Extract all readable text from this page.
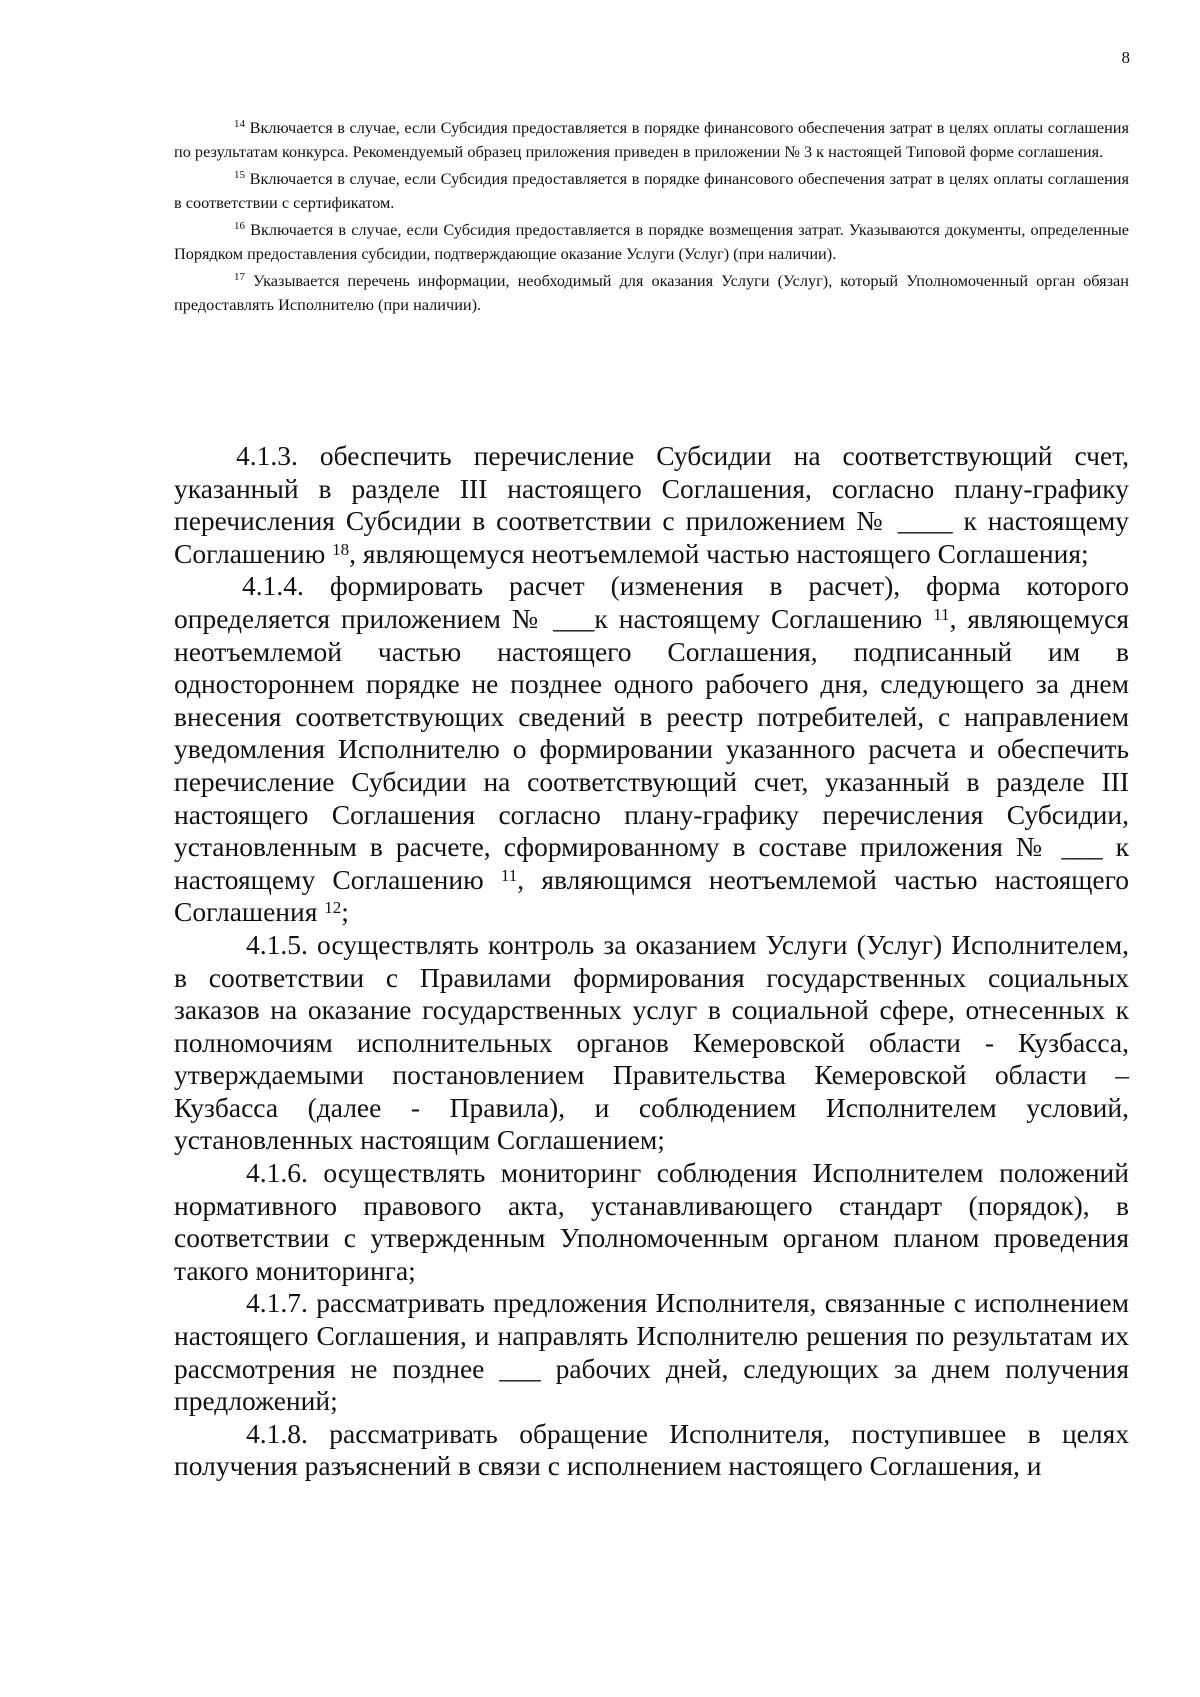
8

$^{14}$ Включается в случае, если Субсидия предоставляется в порядке финансового обеспечения затрат в целях оплаты соглашения по результатам конкурса. Рекомендуемый образец приложения приведен в приложении № 3 к настоящей Типовой форме соглашения.

$^{15}$ Включается в случае, если Субсидия предоставляется в порядке финансового обеспечения затрат в целях оплаты соглашения в соответствии с сертификатом.

$^{16}$ Включается в случае, если Субсидия предоставляется в порядке возмещения затрат. Указываются документы, определенные Порядком предоставления субсидии, подтверждающие оказание Услуги (Услуг) (при наличии).

$^{17}$ Указывается перечень информации, необходимый для оказания Услуги (Услуг), который Уполномоченный орган обязан предоставлять Исполнителю (при наличии).

4.1.3. обеспечить перечисление Субсидии на соответствующий счет, указанный в разделе III настоящего Соглашения, согласно плану-графику перечисления Субсидии в соответствии с приложением № ____ к настоящему Соглашению $^{18}$, являющемуся неотъемлемой частью настоящего Соглашения;

4.1.4. формировать расчет (изменения в расчет), форма которого определяется приложением № ___к настоящему Соглашению $^{11}$, являющемуся неотъемлемой частью настоящего Соглашения, подписанный им в одностороннем порядке не позднее одного рабочего дня, следующего за днем внесения соответствующих сведений в реестр потребителей, с направлением уведомления Исполнителю о формировании указанного расчета и обеспечить перечисление Субсидии на соответствующий счет, указанный в разделе III настоящего Соглашения согласно плану-графику перечисления Субсидии, установленным в расчете, сформированному в составе приложения № ___ к настоящему Соглашению $^{11}$, являющимся неотъемлемой частью настоящего Соглашения $^{12}$;

4.1.5. осуществлять контроль за оказанием Услуги (Услуг) Исполнителем, в соответствии с Правилами формирования государственных социальных заказов на оказание государственных услуг в социальной сфере, отнесенных к полномочиям исполнительных органов Кемеровской области - Кузбасса, утверждаемыми постановлением Правительства Кемеровской области – Кузбасса (далее - Правила), и соблюдением Исполнителем условий, установленных настоящим Соглашением;

4.1.6. осуществлять мониторинг соблюдения Исполнителем положений нормативного правового акта, устанавливающего стандарт (порядок), в соответствии с утвержденным Уполномоченным органом планом проведения такого мониторинга;

4.1.7. рассматривать предложения Исполнителя, связанные с исполнением настоящего Соглашения, и направлять Исполнителю решения по результатам их рассмотрения не позднее ___ рабочих дней, следующих за днем получения предложений;

4.1.8. рассматривать обращение Исполнителя, поступившее в целях получения разъяснений в связи с исполнением настоящего Соглашения, и
